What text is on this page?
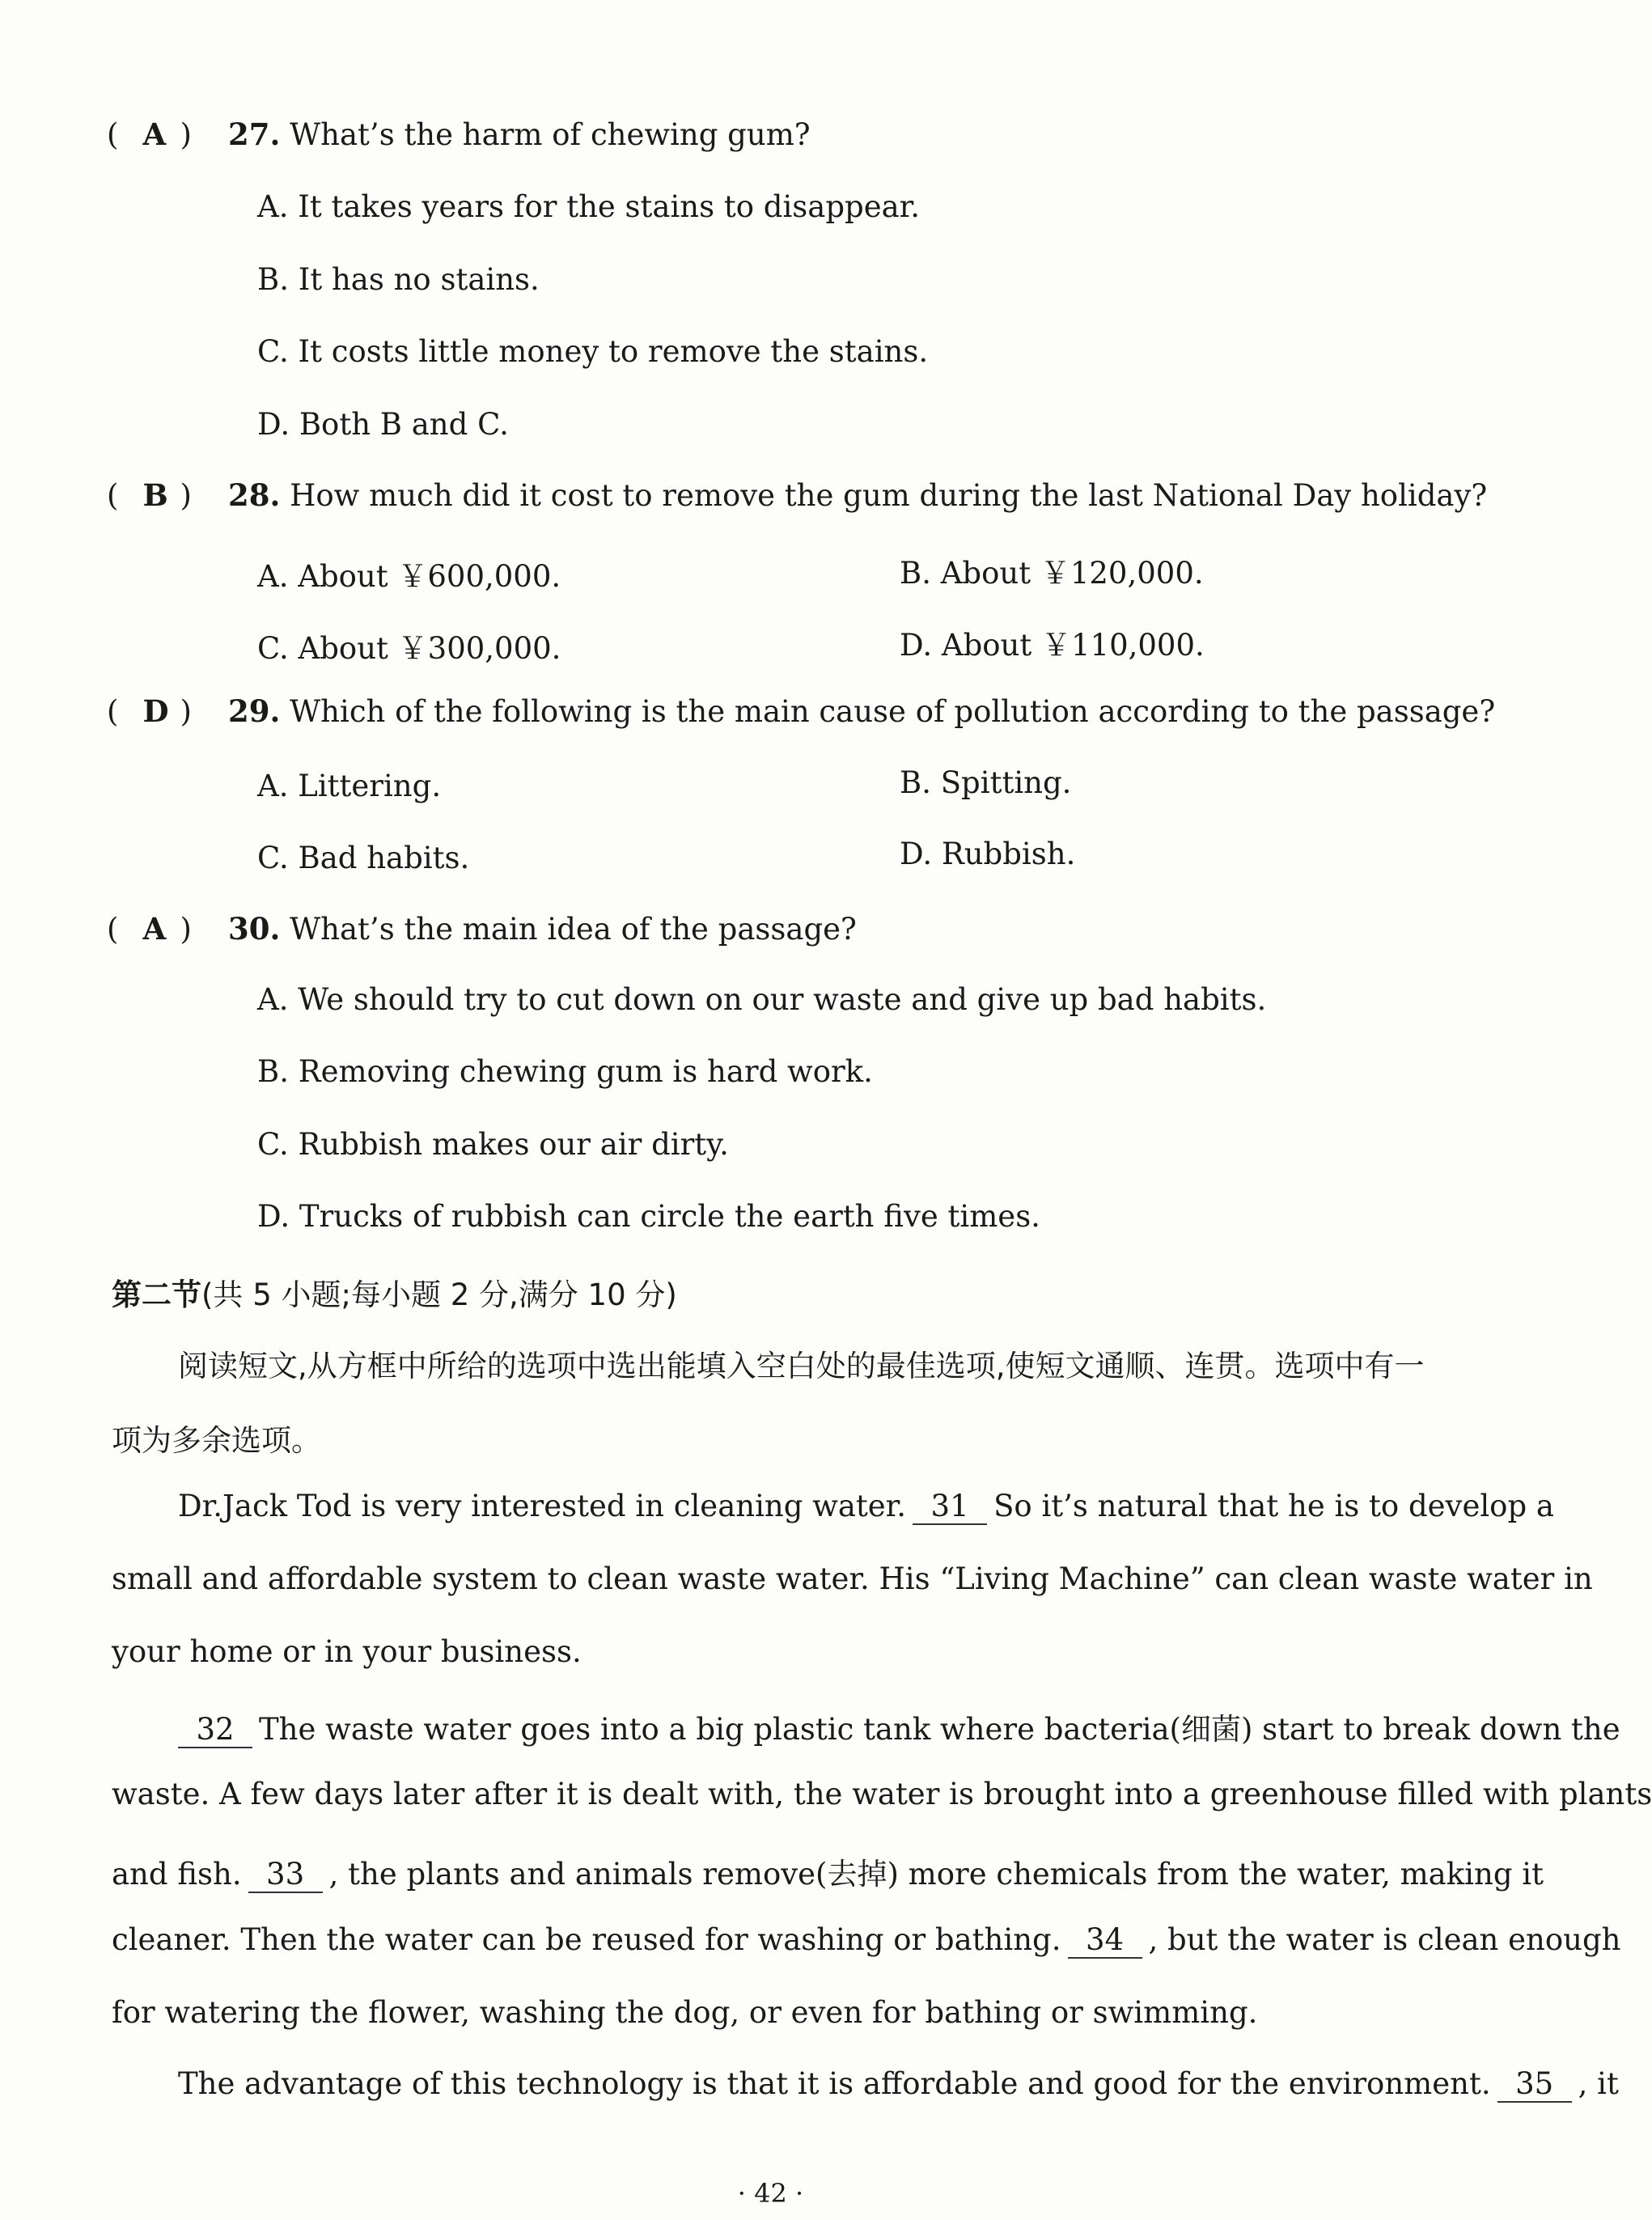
( A ) 27. What’s the harm of chewing gum?
A. It takes years for the stains to disappear.
B. It has no stains.
C. It costs little money to remove the stains.
D. Both B and C.
( B ) 28. How much did it cost to remove the gum during the last National Day holiday?
A. About ￥600,000.	B. About ￥120,000.
C. About ￥300,000.	D. About ￥110,000.
( D ) 29. Which of the following is the main cause of pollution according to the passage?
A. Littering.	B. Spitting.
C. Bad habits.	D. Rubbish.
( A ) 30. What’s the main idea of the passage?
A. We should try to cut down on our waste and give up bad habits.
B. Removing chewing gum is hard work.
C. Rubbish makes our air dirty.
D. Trucks of rubbish can circle the earth five times.
第二节(共 5 小题;每小题 2 分,满分 10 分)
阅读短文,从方框中所给的选项中选出能填入空白处的最佳选项,使短文通顺、连贯。选项中有一
项为多余选项。
Dr.Jack Tod is very interested in cleaning water. 31 So it’s natural that he is to develop a
small and affordable system to clean waste water. His “Living Machine” can clean waste water in
your home or in your business.
32 The waste water goes into a big plastic tank where bacteria(细菌) start to break down the
waste. A few days later after it is dealt with, the water is brought into a greenhouse filled with plants
and fish. 33 , the plants and animals remove(去掉) more chemicals from the water, making it
cleaner. Then the water can be reused for washing or bathing. 34 , but the water is clean enough
for watering the flower, washing the dog, or even for bathing or swimming.
The advantage of this technology is that it is affordable and good for the environment. 35 , it
· 42 ·
